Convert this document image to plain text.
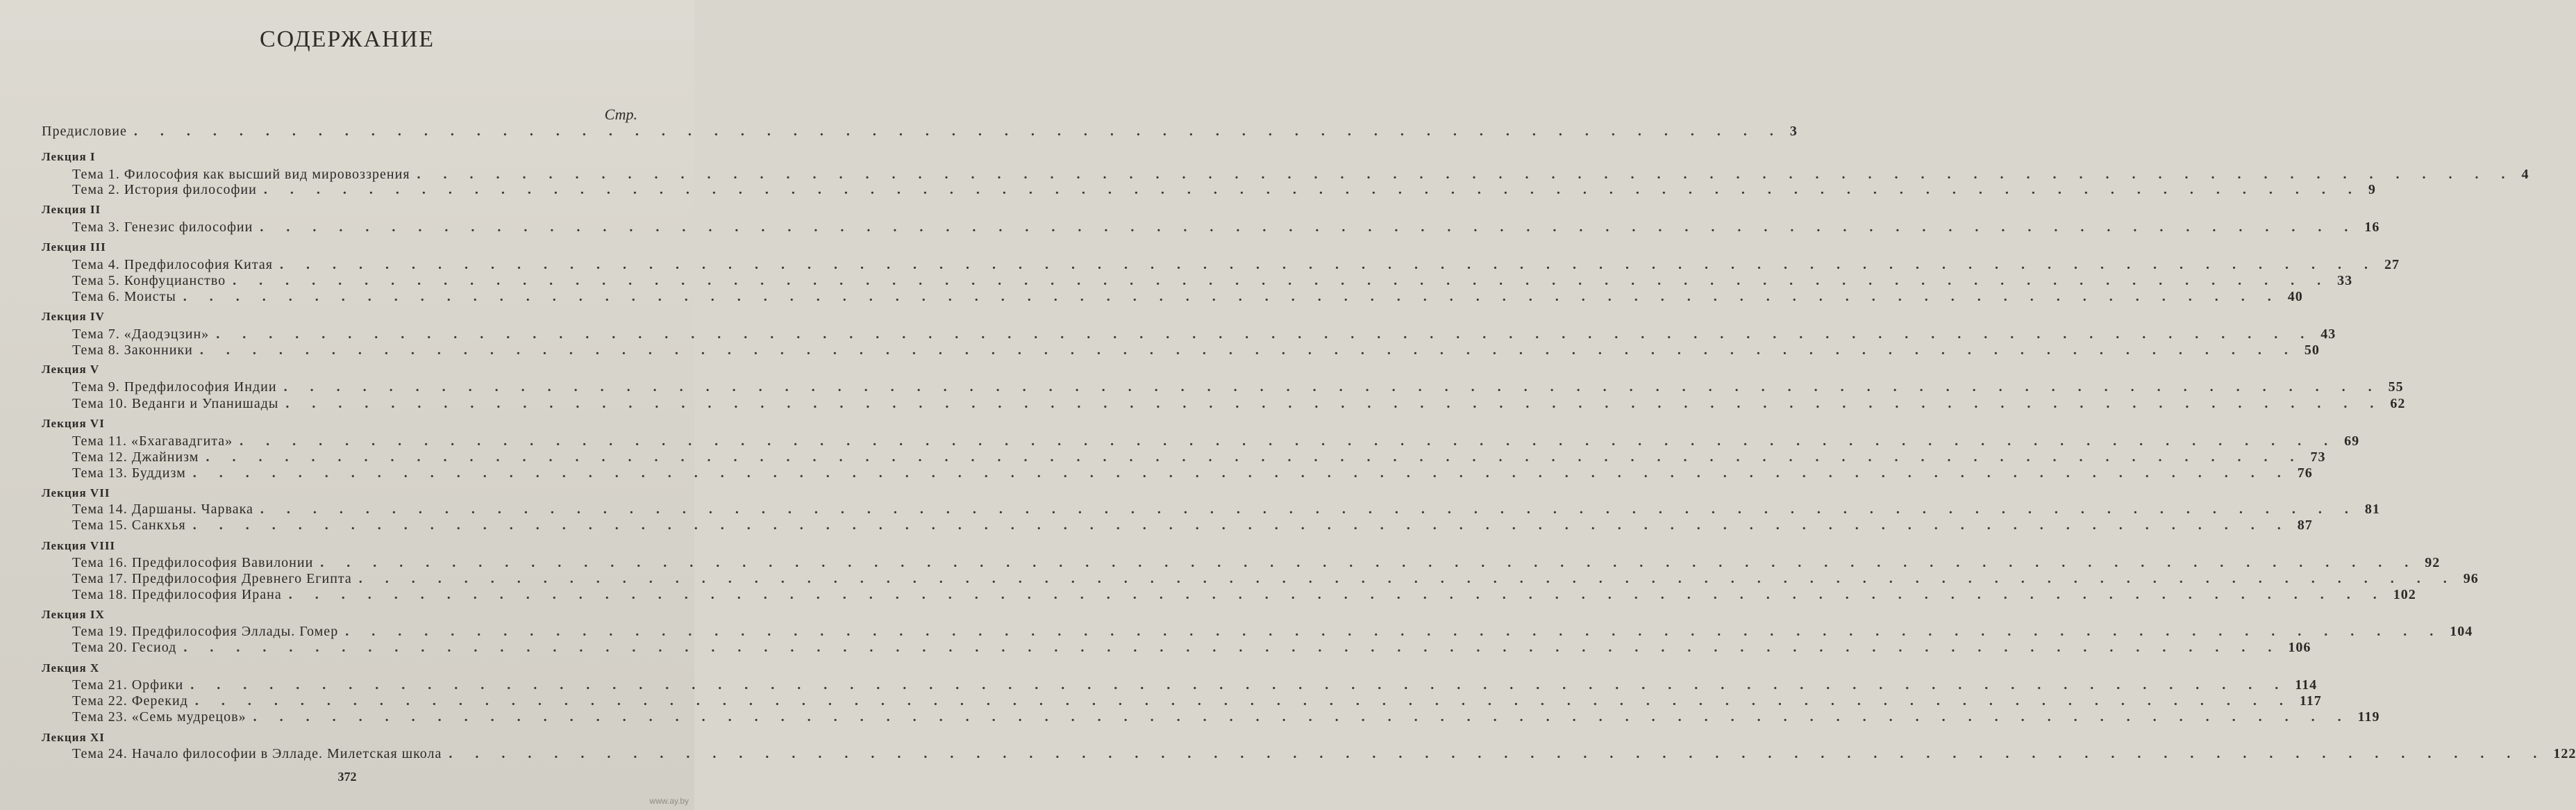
СОДЕРЖАНИЕ
Стр.
Предисловие . . . . . . . . . . . . . . . . . . . . . . . . . . . . . . . . . . . . . . . . . . . . . . . . . . . . . . . . . . . . . . . 3
Лекция I
Тема 1. Философия как высший вид мировоззрения . . . . . . . . . . . . . . . . . . . . . . . . . . . . . . . . . . . . . . . . . . . . . . . . . . . . . . . . . . . . . . . . . . . . . . . . . . . . . . . . 4
Тема 2. История философии . . . . . . . . . . . . . . . . . . . . . . . . . . . . . . . . . . . . . . . . . . . . . . . . . . . . . . . . . . . . . . . . . . . . . . . . . . . . . . . . 9
Лекция II
Тема 3. Генезис философии . . . . . . . . . . . . . . . . . . . . . . . . . . . . . . . . . . . . . . . . . . . . . . . . . . . . . . . . . . . . . . . . . . . . . . . . . . . . . . . . 16
Лекция III
Тема 4. Предфилософия Китая . . . . . . . . . . . . . . . . . . . . . . . . . . . . . . . . . . . . . . . . . . . . . . . . . . . . . . . . . . . . . . . . . . . . . . . . . . . . . . . . 27
Тема 5. Конфуцианство . . . . . . . . . . . . . . . . . . . . . . . . . . . . . . . . . . . . . . . . . . . . . . . . . . . . . . . . . . . . . . . . . . . . . . . . . . . . . . . . 33
Тема 6. Моисты . . . . . . . . . . . . . . . . . . . . . . . . . . . . . . . . . . . . . . . . . . . . . . . . . . . . . . . . . . . . . . . . . . . . . . . . . . . . . . . . 40
Лекция IV
Тема 7. «Даодэцзин» . . . . . . . . . . . . . . . . . . . . . . . . . . . . . . . . . . . . . . . . . . . . . . . . . . . . . . . . . . . . . . . . . . . . . . . . . . . . . . . . 43
Тема 8. Законники . . . . . . . . . . . . . . . . . . . . . . . . . . . . . . . . . . . . . . . . . . . . . . . . . . . . . . . . . . . . . . . . . . . . . . . . . . . . . . . . 50
Лекция V
Тема 9. Предфилософия Индии . . . . . . . . . . . . . . . . . . . . . . . . . . . . . . . . . . . . . . . . . . . . . . . . . . . . . . . . . . . . . . . . . . . . . . . . . . . . . . . . 55
Тема 10. Веданги и Упанишады . . . . . . . . . . . . . . . . . . . . . . . . . . . . . . . . . . . . . . . . . . . . . . . . . . . . . . . . . . . . . . . . . . . . . . . . . . . . . . . . 62
Лекция VI
Тема 11. «Бхагавадгита» . . . . . . . . . . . . . . . . . . . . . . . . . . . . . . . . . . . . . . . . . . . . . . . . . . . . . . . . . . . . . . . . . . . . . . . . . . . . . . . . 69
Тема 12. Джайнизм . . . . . . . . . . . . . . . . . . . . . . . . . . . . . . . . . . . . . . . . . . . . . . . . . . . . . . . . . . . . . . . . . . . . . . . . . . . . . . . . 73
Тема 13. Буддизм . . . . . . . . . . . . . . . . . . . . . . . . . . . . . . . . . . . . . . . . . . . . . . . . . . . . . . . . . . . . . . . . . . . . . . . . . . . . . . . . 76
Лекция VII
Тема 14. Даршаны. Чарвака . . . . . . . . . . . . . . . . . . . . . . . . . . . . . . . . . . . . . . . . . . . . . . . . . . . . . . . . . . . . . . . . . . . . . . . . . . . . . . . . 81
Тема 15. Санкхья . . . . . . . . . . . . . . . . . . . . . . . . . . . . . . . . . . . . . . . . . . . . . . . . . . . . . . . . . . . . . . . . . . . . . . . . . . . . . . . . 87
Лекция VIII
Тема 16. Предфилософия Вавилонии . . . . . . . . . . . . . . . . . . . . . . . . . . . . . . . . . . . . . . . . . . . . . . . . . . . . . . . . . . . . . . . . . . . . . . . . . . . . . . . . 92
Тема 17. Предфилософия Древнего Египта . . . . . . . . . . . . . . . . . . . . . . . . . . . . . . . . . . . . . . . . . . . . . . . . . . . . . . . . . . . . . . . . . . . . . . . . . . . . . . . . 96
Тема 18. Предфилософия Ирана . . . . . . . . . . . . . . . . . . . . . . . . . . . . . . . . . . . . . . . . . . . . . . . . . . . . . . . . . . . . . . . . . . . . . . . . . . . . . . . . 102
Лекция IX
Тема 19. Предфилософия Эллады. Гомер . . . . . . . . . . . . . . . . . . . . . . . . . . . . . . . . . . . . . . . . . . . . . . . . . . . . . . . . . . . . . . . . . . . . . . . . . . . . . . . . 104
Тема 20. Гесиод . . . . . . . . . . . . . . . . . . . . . . . . . . . . . . . . . . . . . . . . . . . . . . . . . . . . . . . . . . . . . . . . . . . . . . . . . . . . . . . . 106
Лекция X
Тема 21. Орфики . . . . . . . . . . . . . . . . . . . . . . . . . . . . . . . . . . . . . . . . . . . . . . . . . . . . . . . . . . . . . . . . . . . . . . . . . . . . . . . . 114
Тема 22. Ферекид . . . . . . . . . . . . . . . . . . . . . . . . . . . . . . . . . . . . . . . . . . . . . . . . . . . . . . . . . . . . . . . . . . . . . . . . . . . . . . . . 117
Тема 23. «Семь мудрецов» . . . . . . . . . . . . . . . . . . . . . . . . . . . . . . . . . . . . . . . . . . . . . . . . . . . . . . . . . . . . . . . . . . . . . . . . . . . . . . . . 119
Лекция XI
Тема 24. Начало философии в Элладе. Милетская школа . . . . . . . . . . . . . . . . . . . . . . . . . . . . . . . . . . . . . . . . . . . . . . . . . . . . . . . . . . . . . . . . . . . . . . . . . . . . . . . . 122
372
www.ay.by
